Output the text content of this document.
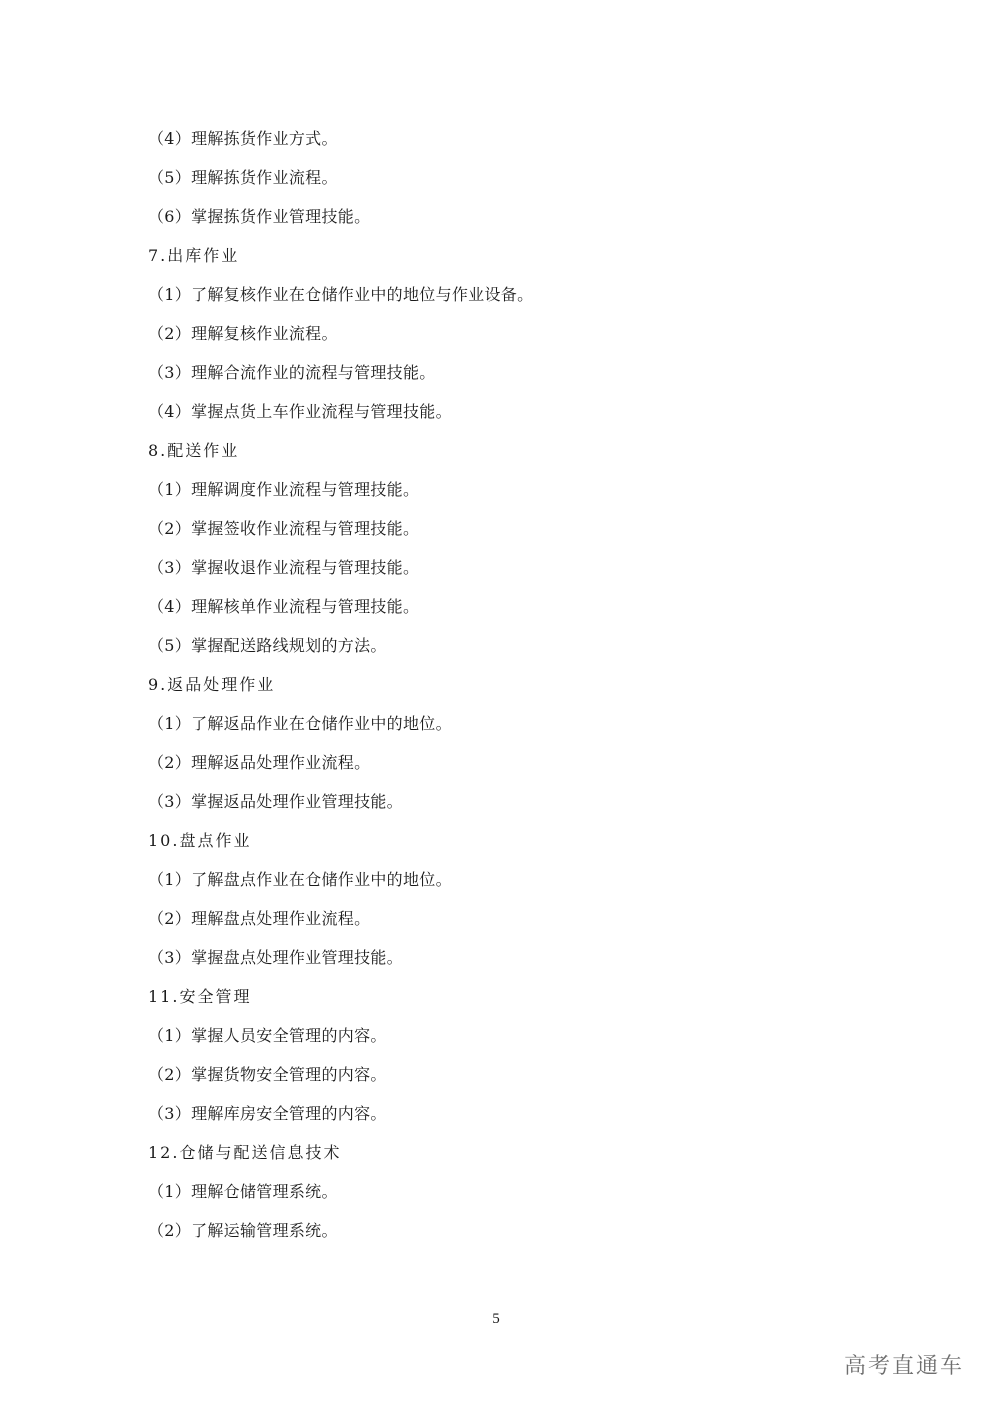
（4）理解拣货作业方式。
（5）理解拣货作业流程。
（6）掌握拣货作业管理技能。
7.出库作业
（1）了解复核作业在仓储作业中的地位与作业设备。
（2）理解复核作业流程。
（3）理解合流作业的流程与管理技能。
（4）掌握点货上车作业流程与管理技能。
8.配送作业
（1）理解调度作业流程与管理技能。
（2）掌握签收作业流程与管理技能。
（3）掌握收退作业流程与管理技能。
（4）理解核单作业流程与管理技能。
（5）掌握配送路线规划的方法。
9.返品处理作业
（1）了解返品作业在仓储作业中的地位。
（2）理解返品处理作业流程。
（3）掌握返品处理作业管理技能。
10.盘点作业
（1）了解盘点作业在仓储作业中的地位。
（2）理解盘点处理作业流程。
（3）掌握盘点处理作业管理技能。
11.安全管理
（1）掌握人员安全管理的内容。
（2）掌握货物安全管理的内容。
（3）理解库房安全管理的内容。
12.仓储与配送信息技术
（1）理解仓储管理系统。
（2）了解运输管理系统。
5
高考直通车
